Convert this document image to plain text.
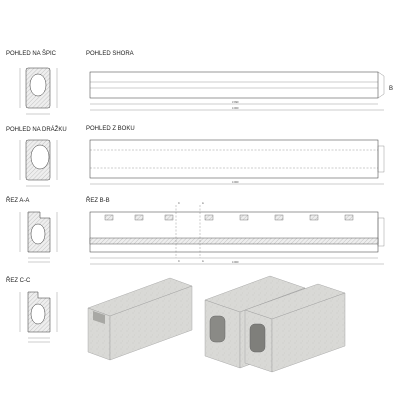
POHLED NA ŠPIC
POHLED NA DRÁŽKU
ŘEZ A-A
ŘEZ C-C
POHLED SHORA
3 990
4 000
B
POHLED Z BOKU
4 000
ŘEZ B-B	C	A
C	A	4 000
